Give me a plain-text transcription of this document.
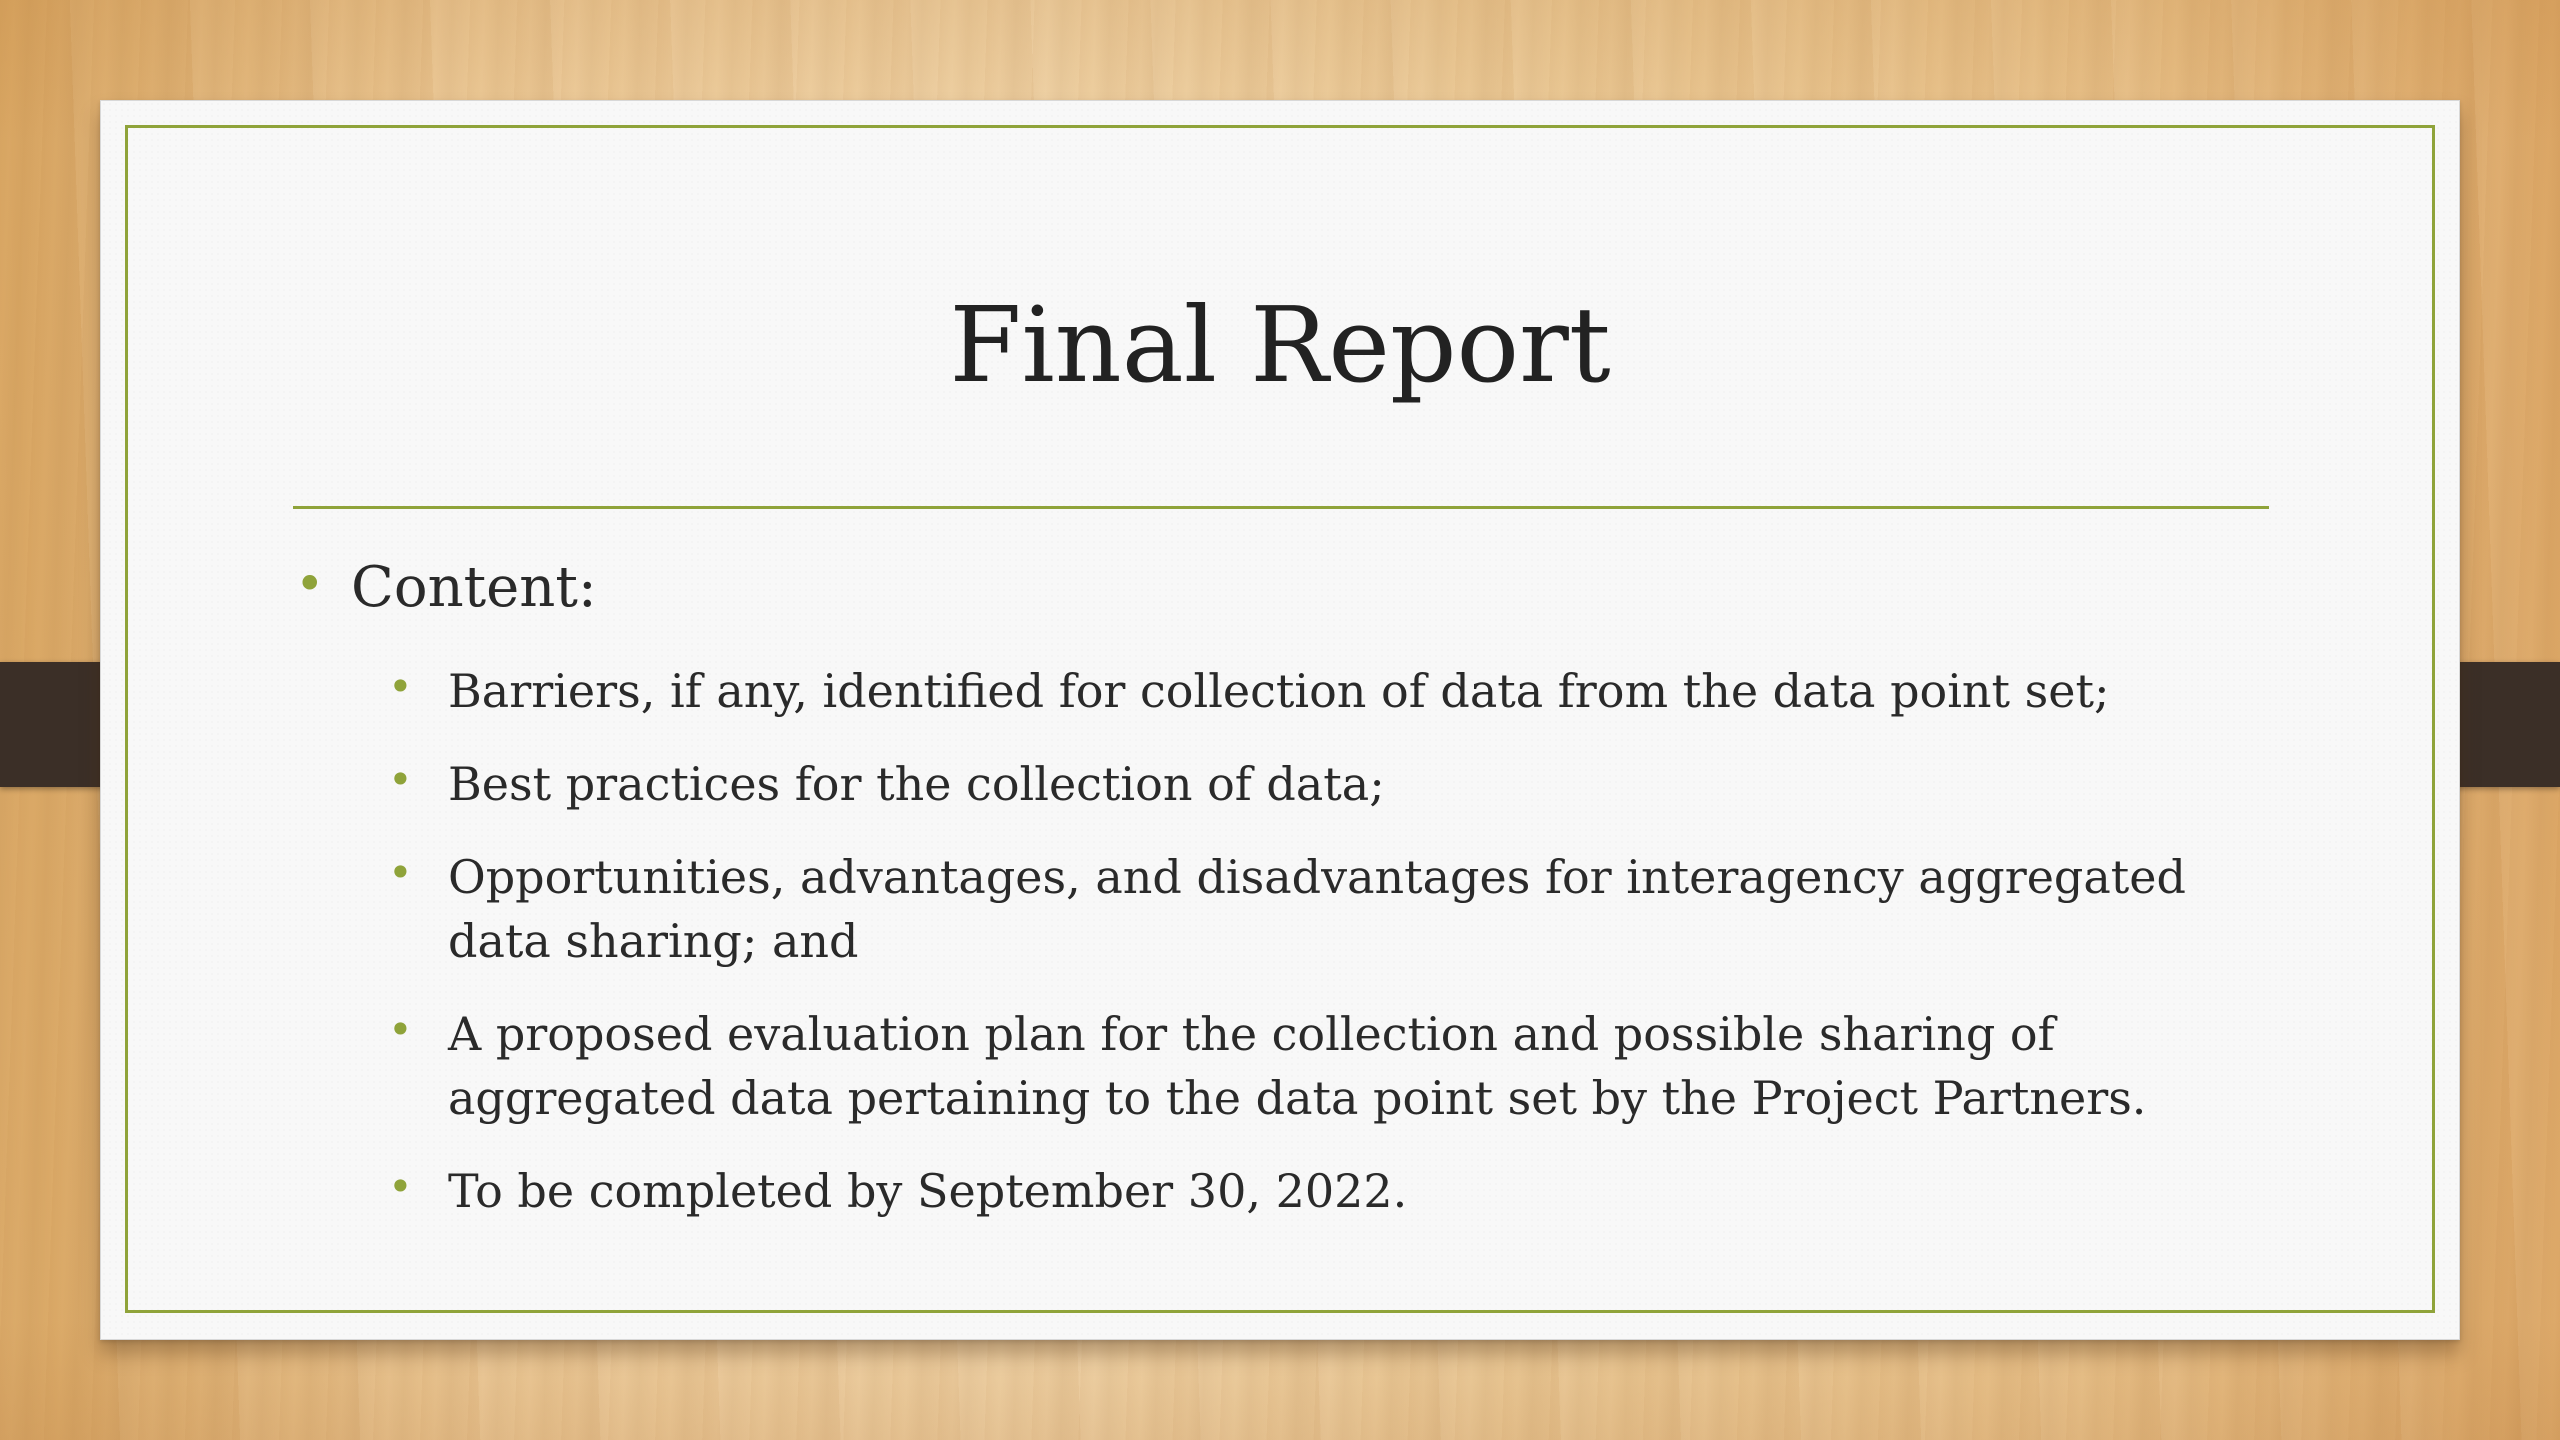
Final Report
• Content:
• Barriers, if any, identified for collection of data from the data point set;
• Best practices for the collection of data;
• Opportunities, advantages, and disadvantages for interagency aggregated data sharing; and
• A proposed evaluation plan for the collection and possible sharing of aggregated data pertaining to the data point set by the Project Partners.
• To be completed by September 30, 2022.
